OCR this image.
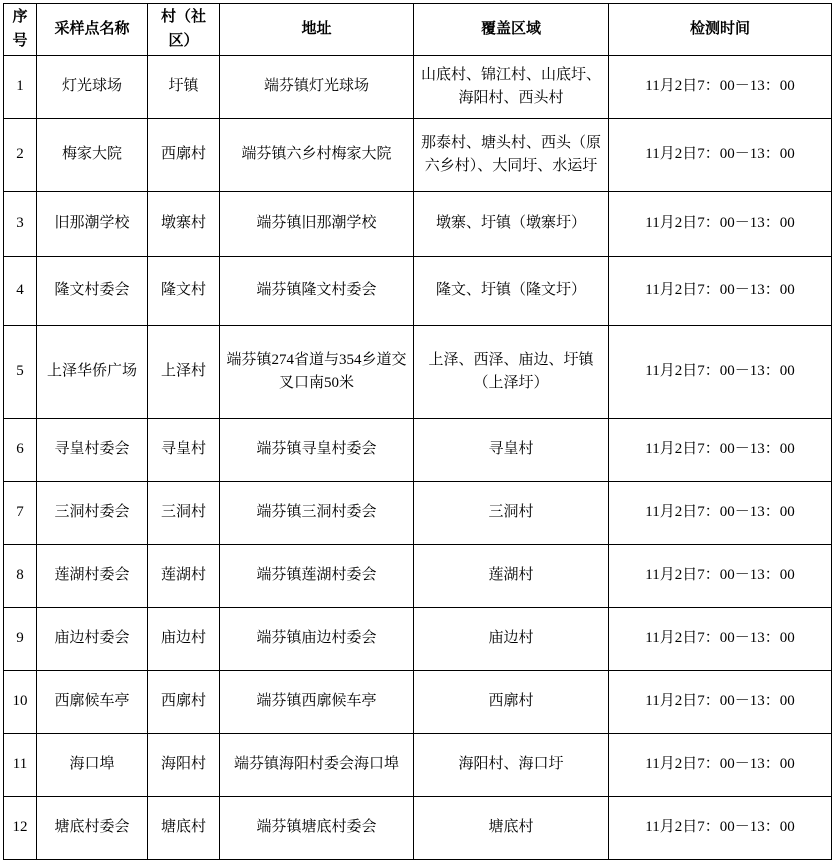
序号	采样点名称	村（社区）	地址	覆盖区域	检测时间
1	灯光球场	圩镇	端芬镇灯光球场	山底村、锦江村、山底圩、海阳村、西头村	11月2日7：00－13：00
2	梅家大院	西廓村	端芬镇六乡村梅家大院	那泰村、塘头村、西头（原六乡村）、大同圩、水运圩	11月2日7：00－13：00
3	旧那潮学校	墩寨村	端芬镇旧那潮学校	墩寨、圩镇（墩寨圩）	11月2日7：00－13：00
4	隆文村委会	隆文村	端芬镇隆文村委会	隆文、圩镇（隆文圩）	11月2日7：00－13：00
5	上泽华侨广场	上泽村	端芬镇274省道与354乡道交叉口南50米	上泽、西泽、庙边、圩镇（上泽圩）	11月2日7：00－13：00
6	寻皇村委会	寻皇村	端芬镇寻皇村委会	寻皇村	11月2日7：00－13：00
7	三洞村委会	三洞村	端芬镇三洞村委会	三洞村	11月2日7：00－13：00
8	莲湖村委会	莲湖村	端芬镇莲湖村委会	莲湖村	11月2日7：00－13：00
9	庙边村委会	庙边村	端芬镇庙边村委会	庙边村	11月2日7：00－13：00
10	西廓候车亭	西廓村	端芬镇西廓候车亭	西廓村	11月2日7：00－13：00
11	海口埠	海阳村	端芬镇海阳村委会海口埠	海阳村、海口圩	11月2日7：00－13：00
12	塘底村委会	塘底村	端芬镇塘底村委会	塘底村	11月2日7：00－13：00
